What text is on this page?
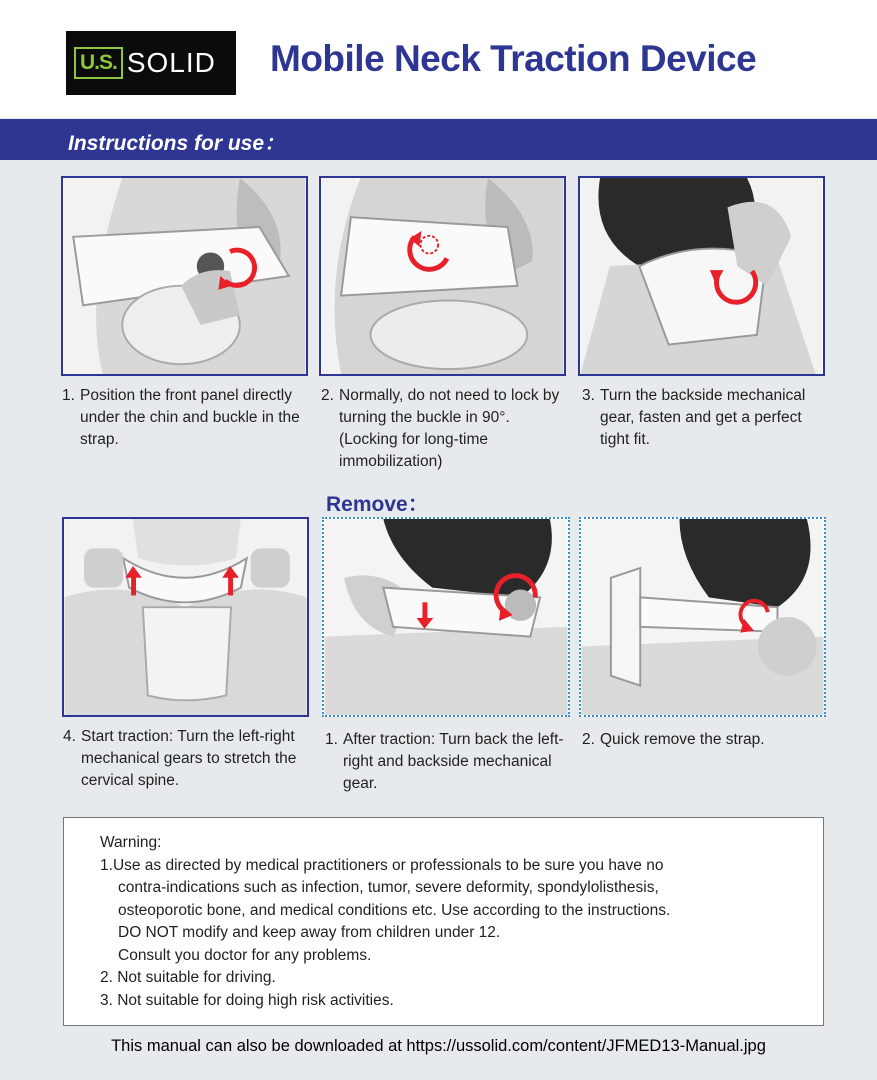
U.S. SOLID Mobile Neck Traction Device
Instructions for use：
1. Position the front panel directly under the chin and buckle in the strap.
2. Normally, do not need to lock by turning the buckle in 90°. (Locking for long-time immobilization)
3. Turn the backside mechanical gear, fasten and get a perfect tight fit.
Remove：
4. Start traction: Turn the left-right mechanical gears to stretch the cervical spine.
1. After traction: Turn back the left-right and backside mechanical gear.
2. Quick remove the strap.
Warning:
1.Use as directed by medical practitioners or professionals to be sure you have no
contra-indications such as infection, tumor, severe deformity, spondylolisthesis,
osteoporotic bone, and medical conditions etc. Use according to the instructions.
DO NOT modify and keep away from children under 12.
Consult you doctor for any problems.
2. Not suitable for driving.
3. Not suitable for doing high risk activities.
This manual can also be downloaded at https://ussolid.com/content/JFMED13-Manual.jpg
